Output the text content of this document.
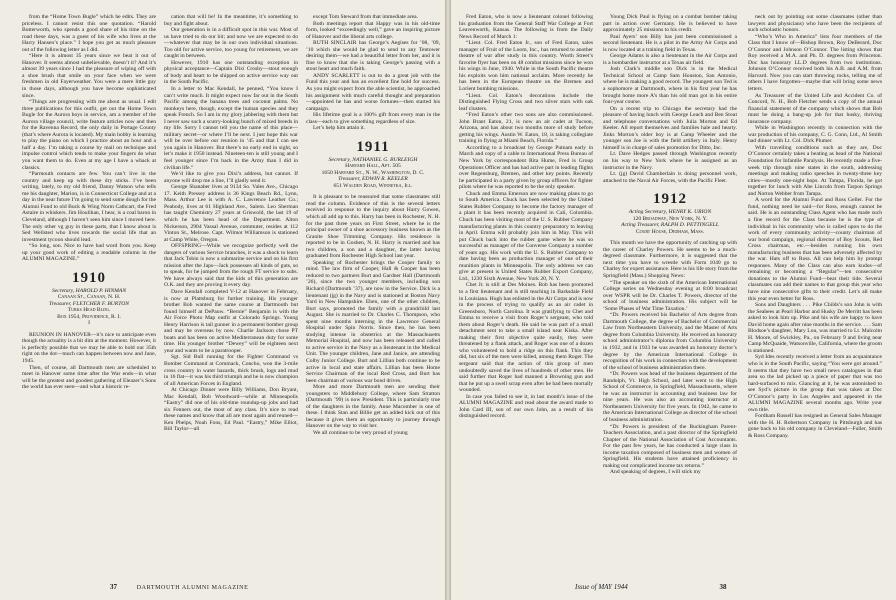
from the “Home Town Bugle” which he edits. They are priceless. I cannot resist this one quotation. “Harold Butterworth, who spends a good share of his time on the road these days, was a guest of his wife who lives at the Harry Hansen’s place.” I hope you get as much pleasure out of the following letter as I did.

“Here it is almost 35 years since we beat it out of Hanover. It seems almost unbelievable, doesn’t it? And it’s almost 39 years since I had the pleasure of wiping off with a shoe brush that smile on your face when we were freshmen in old Fayerweather. You were a mere little guy in those days, although you have become sophisticated since.

“Things are progressing with me about as usual. I edit three publications for this outfit, get out the Home Town Bugle for the Aurora boys in service, am a member of the Aurora village council, write feature articles now and then for the Ravenna Record, the only daily in Portage County (that’s where Aurora is located). My main hobby is learning to play the piano on which I practice about an hour and a half a day. I’m taking a course by mail on technique and impulse control which tends to make your fingers do what you want them to do. Even at my age I have a whack at classics.

“Parmouth contacts are few. You can’t live in the country and keep up with these dry sticks. I’ve been writing, lately, to my old friend, Danny Watson who tells me his daughter, Marion, is in Connecticut College and at a day in the near future I’m going to send some dough for the Alumni Fund to old Buck & Wing Norm Cathcart, the Fred Astaire in whiskers. Jim Houlihan, I hear, is a coal baron in Cleveland, although I haven’t seen him since I moved here. The only other vg guy in these parts, that I know about is Sed Wellsted who lives towards the social life that an investment tycoon should lead.

“So long, son. Nice to have had word from you. Keep up your good work of editing a readable column in the ALUMNI MAGAZINE.”

1910
Secretary, HAROLD P. HINMAN
Canaan St., Canaan, N. H.
Treasurer, FLETCHER F. BURTON
Turks Head Bldg.
Box 1954, Providence, R. I.
I

REUNION IN HANOVER—it’s nice to anticipate even though the actuality is a bit dim at the moment. However, it is perfectly possible that we may be able to hold our 35th right on the dot—much can happen between now and June, 1945.

Then, of course, all Dartmouth men are scheduled to meet in Hanover some time after the War ends—in what will be the greatest and goodest gathering of Eleazer’s Sons the world has ever seen—and what a historic re-

cation that will be! In the meantime, it’s something to buy and fight about.

Our generation is in a difficult spot in this war. Most of us have tried to do our bit; and now we are expected to do—whatever that may be in our own individual situations. Too old for active service, too young for retirement, we are caught in between.

However, 1910 has one outstanding exception in physical acceptance—Captain Dixi Crosby—stout enough of body and heart to be shipped on active service way out in the South Pacific.

In a letter to Mac Kendall, he penned, “You know I can’t write much. It might expect now far out in the South Pacific among the banana trees and coconut palms. No monkeys here, though, except the human species and they speak French. So I am in my glory jabbering with them but I never saw such a scurry-looking bunch of mixed breeds in my life. Sorry I cannot tell you the name of this place—military secret—or where I’ll be next. I just hope this war will be over before our reunion in ’45 and that I can see you again in Hanover. But there’s no early end in sight, so let’s make it 1950 instead. Nineteen-ten is still young and I feel younger since I’m back in the Army than I did in civilian life.”

We’d like to give you Dixi’s address, but cannot. If anyone will drop me a line, I’ll gladly send it.

George Shanaber lives at 9134 So. Vales Ave., Chicago 17. Keith Pressey address is 36 Kings Beach Rd., Lynn, Mass. Arthur Lee is with A. C. Lawrence Leather Co.; Peabody, lives at 61 Highland Ave., Salem. Leo Sherman has taught Chemistry 27 years at Griswold, the last 19 of which he has been head of the Department. Alton Nickerson, 2904 Vassal Avenue, commuter, resides at 112 Vinton St., Melrose. Capt. Wilmot Williamson is stationed at Camp White, Oregon.

OFFSPRING—While we recognize perfectly well the dangers of various Service branches, it was a shock to learn that Jack Tobin is now a submarine service and on his first mission after the Japs—Jack possesses all kinds of guts, so to speak, for he jumped from the rough FT service to subs. We have always said that the kids of this generation are O.K. and they are proving it every day.

Dave Kendall completed V-12 at Hanover in February, is now at Plattsburg for further training. His younger brother Bob wanted the same course at Dartmouth but found himself at DePauw. “Bernie” Benjamin is with the Air Force Photo Map outfit at Colorado Springs. Young Henry Harrison is tail gunner in a permanent bomber group and may be overseas by now. Charlie Jackson chose PT boats and has been on active Mediterranean duty for some time. His younger brother “Dewey” will be eighteen next year and wants to be a paratrooper.

Sgt. Sid Bull running for the Fighter Command vs Bomber Command at Commack, Concho, won the 3-mile cross country in water hazards, thick brush, logs and mud in 16 flat—it was his third triumph and he is now champion of all American Forces in England.

At Chicago Dinner were Billy Williams, Don Bryant, Mac Kendall, Bob Woodward—while at Minneapolis “Eastry” did one of his old-time roundup-up jobs and had six Fenners out, the most of any class. It’s nice to read these names and know that all are most again and reuned—Ken Phelps, Noah Fons, Ed Paul. “Eastry,” Mike Elliot, Bill Taylor—all

except Tom Steward from that immediate area.

Both meetings report that Happy was in his old-time form, looked “exceedingly well,” gave an inspiring picture of Hanover and the liberal arts college.

RUTH SINCLAIR has George’s Aegises for ’08, ’09, ’10 which she would be glad to send to any Tentower desiring them—we had a beautiful letter from her, and it is fine to know that she is taking George’s passing with a stout heart and much faith.

ANDY SCARLETT is out to do a great job with the Fund this year and has an excellent fine hold for success. As you might expect from the able scientist, he approached his assignment with much careful thought and preparation—appointed he has and worse fortunes—then started his campaign.

His lifetime goal is a 100% gift from every man in the class—each to give something regardless of size.

Let’s help him attain it.

1911
Secretary, NATHANIEL G. BURLEIGH
Harvard Hall, Apt. 505
1650 Harvard St., N. W., Washington, D. C.
Treasurer, EDWIN R. KEELER
651 Walden Road, Winnetka, Ill.

It is pleasant to be reassured that some classmates still read the column. Evidence of this is the several letters received in response to the inquiry about Harry Gowen, which all add up to this. Harry has been in Rochester, N. H. for the past three years on First Street, where he is the principal owner of a shoe accessory business known as the Granite Shoe Trimming Company. His residence is reported to be in Goshen, N. H. Harry is married and has two children, a son and a daughter, the latter having graduated from Rochester High School last year.

Speaking of Rochester brings the Cooper family to mind. The law firm of Cooper, Hall & Cooper has been reduced to two partners Burt and Gardner Hall (Dartmouth ’26), since the two younger members, including son Richard (Dartmouth ’37), are now in the Service. Dick is a lieutenant (jg) in the Navy and is stationed at Boston Navy Yard in New Hampshire. Eben, one of the other children, Burt says, promoted the family with a grandchild last August. She is married to Dr. Charles C. Thompson, who spent nine months interning in the Lawrence General Hospital under Spin Norris. Since then, he has been studying intense in obstetrics at the Massachusetts Memorial Hospital, and now has been released and called to active service in the Navy as a lieutenant in the Medical Unit. The younger children, Jane and Janice, are attending Colby Junior College. Burt and Lillian both continue to be active in local and state affairs. Lillian has been Home Service Chairman of the local Red Cross, and Burt has been chairman of various war bond drives.

More and more Dartmouth men are sending their youngsters to Middlebury College, where Sam Stratton (Dartmouth ’99) is now President. This is particularly true of the daughters in the family. Anne Macomber is one of these. I think Stan and Billie get an added kick out of this because it gives them an opportunity to journey through Hanover on the way to visit her.

We all continue to be very proud of young

37	DARTMOUTH ALUMNI MAGAZINE

Fred Eaton, who is now a lieutenant colonel following his graduation from the General Staff War College at Fort Leavenworth, Kansas. The following is from the Daily News Record of March 1:

“Lieut. Col. Fred Eaton Jr., son of Fred Eaton, sales manager of Fruit of the Loom, Inc., has returned to another theatre of war after study in this country. Worth Street’s favorite flyer has been on 48 combat missions since he won his wings in June, 1940. While in the South Pacific theatre his exploits won him national acclaim. More recently he has been in the European theatre on the Bremen and Lorient bombing missions.

“Lieut. Col. Eaton’s decorations include the Distinguished Flying Cross and two silver stars with oak leaf clusters.

“Fred Eaton’s other two sons are also commissioned. John Brant Eaton, 21, is now an air cadet at Tucson, Arizona, and has about two months more of study before getting his wings. Austin W. Eaton, 18, is taking collegiate training in flying at Miami Beach, Florida.”

According to a broadcast by George Putnam early in March and copy of a cable to International Press Bureau of New York by correspondent Rita Hume, Fred is Group Operations Officer and has had active part in leading flights over Regensburg, Bremen, and other key points. Recently he participated in a party given by group officers for fighter pilots where he was reported to be the only speaker.

Chuck and Emma Emerson are now making plans to go to South America. Chuck has been selected by the United States Rubber Company to become the factory manager of a plant it has been recently acquired in Cali, Colombia. Chuck has been visiting most of the U. S. Rubber Company manufacturing plants in this country preparatory to leaving in April. Emma will probably join him in May. This will put Chuck back into the rubber game where he was so successful as manager of the Converse Company a number of years ago. His work with the U. S. Rubber Company to date having been as production manager of one of their munition plants in Minneapolis. The only address we can give at present is United States Rubber Export Company, Ltd., 1230 Sixth Avenue, New York 20, N. Y.

Chet Jr. is still at Des Moines. Bob has been promoted to a first lieutenant and is still teaching in Barksdale Field in Louisiana. Hugh has enlisted in the Air Corps and is now in the process of trying to qualify as an air cadet in Greensboro, North Carolina. It was gratifying to Chet and Emma to receive a visit from Roger’s sergeant, who told them about Roger’s death. He said he was part of a small detachment sent to take a small island near Kiska. After making their first objective quite easily, they were threatened by a flank attack, and Roger was one of a dozen who volunteered to hold a ridge on this flank. This they did, but six of the men were killed, among them Roger. The sergeant said that the action of this group of men undoubtedly saved the lives of hundreds of other men. He said further that Roger had manned a Browning gun and that he put up a swell scrap even after he had been mortally wounded.

In case you failed to see it, in last month’s issue of the ALUMNI MAGAZINE and read about the award made to John Card III, son of our own John, as a result of his distinguished record.

Young Dick Paul is flying on a combat bomber taking part in action over Germany. He is believed to have approximately 25 missions to his credit.

Paul Ayers’ son Billy has just been commissioned a second lieutenant. He is a pilot in the Army Air Corps and is now located at a training field in Texas.

George Adams is also a lieutenant in the Air Corps and is a bombardier instructor at a Texas air field.

Josh Clark’s middle son Dick is in the Medical Technical School at Camp Sam Houston, San Antonio, where he is making a good record. The youngest son Ted is a sophomore at Dartmouth, where in his first year he has brought home more A’s than his old man got in his entire four-year course.

On a recent trip to Chicago the secretary had the pleasure of having lunch with George Leach and Ben Stout and telephone conversations with Julia Morton and Ed Keeler. All report themselves and families hale and hearty. Jinks Morton’s older boy is at Camp Wheeler and the younger son Joe is with the field artillery in Italy. Henry himself is in charge of sales promotion for Ditto, Inc.

Lt. Dave Hedges passed through Washington recently on his way to New York where he is assigned as an instructor in the Navy.

Lt. (jg) David Chamberlain is doing personnel work, attached to the Naval Air Forces, with the Pacific Fleet.

1912
Acting Secretary, HENRY K. URION
120 Broadway, New York, N. Y.
Acting Treasurer, RALPH D. PETTINGELL
Court House, Dedham, Mass.

This month we have the opportunity of catching up with the career of Charley Powers. He seems to be a much-degreed classmate. Furthermore, it is suggested that the next time you have to wrestle with Form 1040 go to Charley for expert assistance. Here is his life story from the Springfield (Mass.) Shopping News:

“The speaker on the sixth of the American International College series on Wednesday evening at 8:00 broadcast over WSPR will be Dr. Charles T. Powers, director of the school of business administration. His subject will be ‘Some Phases of War Time Taxation.’

“Dr. Powers received his Bachelor of Arts degree from Dartmouth College, the degree of Bachelor of Commercial Law from Northeastern University, and the Master of Arts degree from Columbia University. He received an honorary school administrator’s diploma from Columbia University in 1932, and in 1933 he was awarded an honorary doctor’s degree by the American International College in recognition of his work in connection with the development of the school of business administration there.

“Dr. Powers was head of the business department of the Randolph, Vt. High School, and later went to the High School of Commerce, in Springfield, Massachusetts, where he was an instructor in accounting and business law for nine years. He was also an accounting instructor at Northeastern University for five years. In 1942, he came to the American International College as director of the school of business administration.

“Dr. Powers is president of the Buckingham Parent-Teachers Association, and a past director of the Springfield Chapter of the National Association of Cost Accountants. For the past few years, he has conducted a large class in income taxation composed of business men and women of Springfield. His students have attained proficiency in making out complicated income tax returns.”

And speaking of degrees, I will stick my

neck out by pointing out some classmates (other than lawyers and physicians) who have been the recipients of such scholastic honors.

“Who’s Who in America” lists four members of the Class that I know of—Bishop Brown, Roy DeBerard, Doc O’Connor and Johnson O’Connor. The listing shows that Roy received a M.A. and Ph. D. degrees from Princeton. Doc has honorary LL.D degrees from two institutions. Johnson O’Connor received both his A.B. and A.M. from Harvard. Now you can start throwing rocks, telling me of others I have forgotten—maybe that will bring some news letters.

As Treasurer of the United Life and Accident Co. of Concord, N. H., Bob Fletcher sends a copy of the annual financial statement of the company which shows that Bob must be doing a bang-up job for that husky, thriving insurance company.

While in Washington recently in connection with the war production of his company, C. G. Conn, Ltd., Al Smith had dinner with Lt. Col. Dick Plumer.

With travelling conditions such as they are, Doc O’Connor certainly takes a beating as head of the National Foundation for Infantile Paralysis. He recently made a five-week trip through nine states in the south, addressing meetings and making radio speeches in twenty-three key cities—mostly one-night hops. At Tampa, Florida, he got together for lunch with Abe Lincoln from Tarpon Springs and Norton Webber from Tampa.

A word for the Alumni Fund and Ross Geller. For the fund, nothing need be said—for Ross, enough cannot be said. He is an outstanding Class Agent who has made such a fine record for the Class because he is the type of individual in his community who is called upon to do the work of every community activity—county chairman of war bond campaign, regional director of Boy Scouts, Red Cross chairman, etc.—besides running his own manufacturing business that has been adversely affected by the war. Hats off to Ross. All can help him by prompt responses. Many of the Class can also earn kudos—of remaining or becoming a “Regular”—ten consecutive donations to the Alumni Fund—beat their tide. Several classmates can add their names to that group this year who have nine consecutive gifts to their credit. Let’s all make this year even better for Ross.

Sons and Daughters . . . Pike Childs’s son John is with the Seabees at Pearl Harbor and Husky De Merritt has been asked to look him up. Pike and his wife are happy to have David home again after nine months in the service. . . . Sam Blodsoe’s daughter, Mary Lou, was married to Lt. Malcolm H. Moore, of Swickley, Pa., on February 9 and living near Camp McQuaide, Watsonville, California, where the groom is stationed.

Syd Ides recently received a letter from an acquaintance who is in the South Pacific, saying “You were got around.” It seems that they have two small news catalogues in that area so the lad picked up a piece of paper that was too hard-surfaced to mix. Glancing at it, he was astonished to see Syd’s picture in the group that was taken at Doc O’Connor’s party in Los Angeles and appeared in the ALUMNI MAGAZINE several months ago. Write your own title.

Fordham Russell has resigned as General Sales Manager with the H. H. Robertson Company in Pittsburgh and has gone back to his old company in Cleveland—Fuller, Smith & Ross Company.

Issue of MAY 1944	38
